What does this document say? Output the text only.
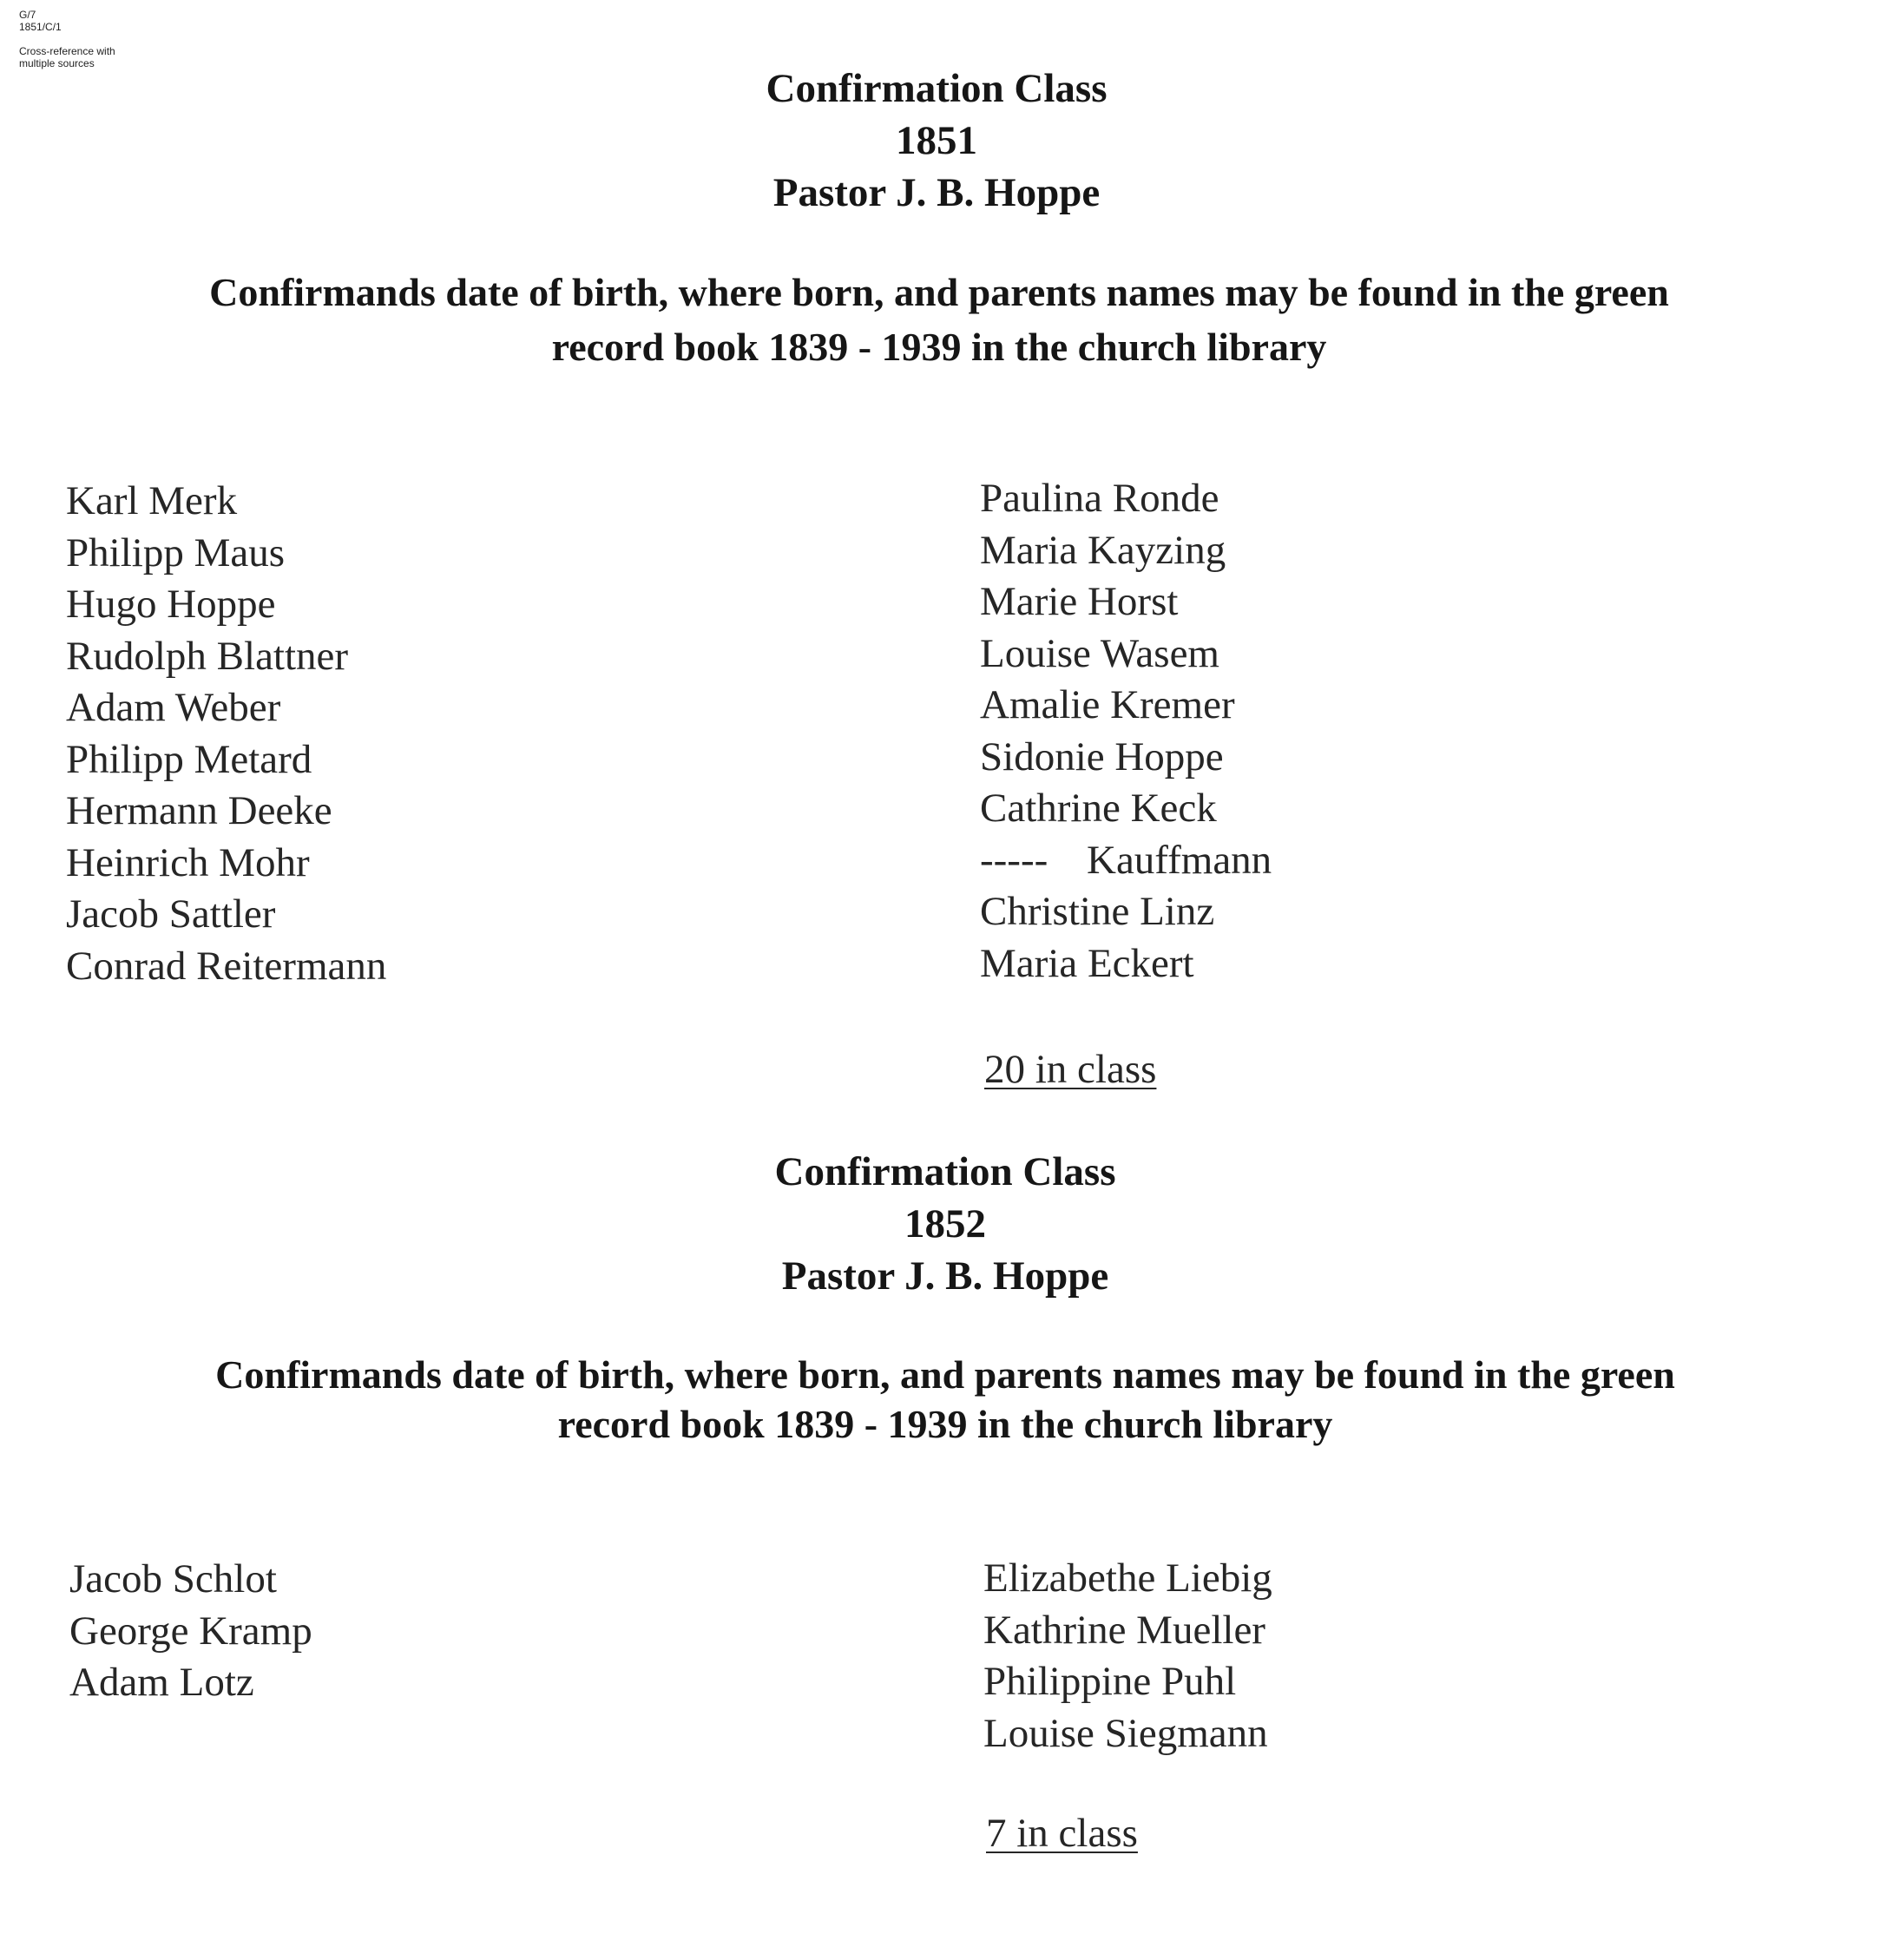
G/7
1851/C/1
Cross-reference with multiple sources
Confirmation Class
1851
Pastor J. B. Hoppe
Confirmands date of birth, where born, and parents names may be found in the green
record book 1839 - 1939 in the church library
Karl Merk
Philipp Maus
Hugo Hoppe
Rudolph Blattner
Adam Weber
Philipp Metard
Hermann Deeke
Heinrich Mohr
Jacob Sattler
Conrad Reitermann
Paulina Ronde
Maria Kayzing
Marie Horst
Louise Wasem
Amalie Kremer
Sidonie Hoppe
Cathrine Keck
----- Kauffmann
Christine Linz
Maria Eckert
20 in class
Confirmation Class
1852
Pastor J. B. Hoppe
Confirmands date of birth, where born, and parents names may be found in the green
record book 1839 - 1939 in the church library
Jacob Schlot
George Kramp
Adam Lotz
Elizabethe Liebig
Kathrine Mueller
Philippine Puhl
Louise Siegmann
7 in class
